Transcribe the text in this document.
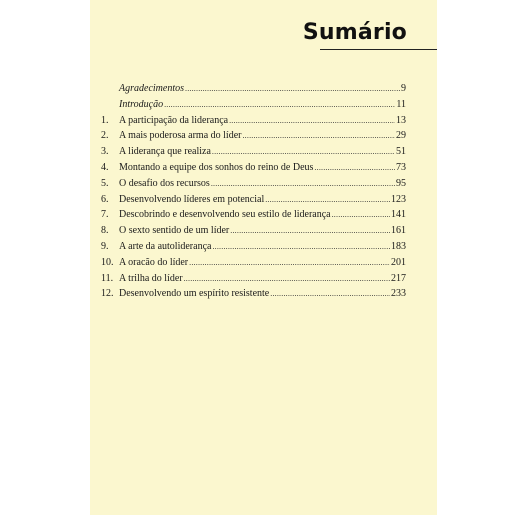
Sumário
Agradecimentos .....	9
Introdução .....	11
1.	A participação da liderança .....	13
2.	A mais poderosa arma do líder .....	29
3.	A liderança que realiza .....	51
4.	Montando a equipe dos sonhos do reino de Deus .....	73
5.	O desafio dos recursos .....	95
6.	Desenvolvendo líderes em potencial .....	123
7.	Descobrindo e desenvolvendo seu estilo de liderança .....	141
8.	O sexto sentido de um líder .....	161
9.	A arte da autoliderança .....	183
10. A oracão do líder .....	201
11. A trilha do líder .....	217
12. Desenvolvendo um espírito resistente .....	233
